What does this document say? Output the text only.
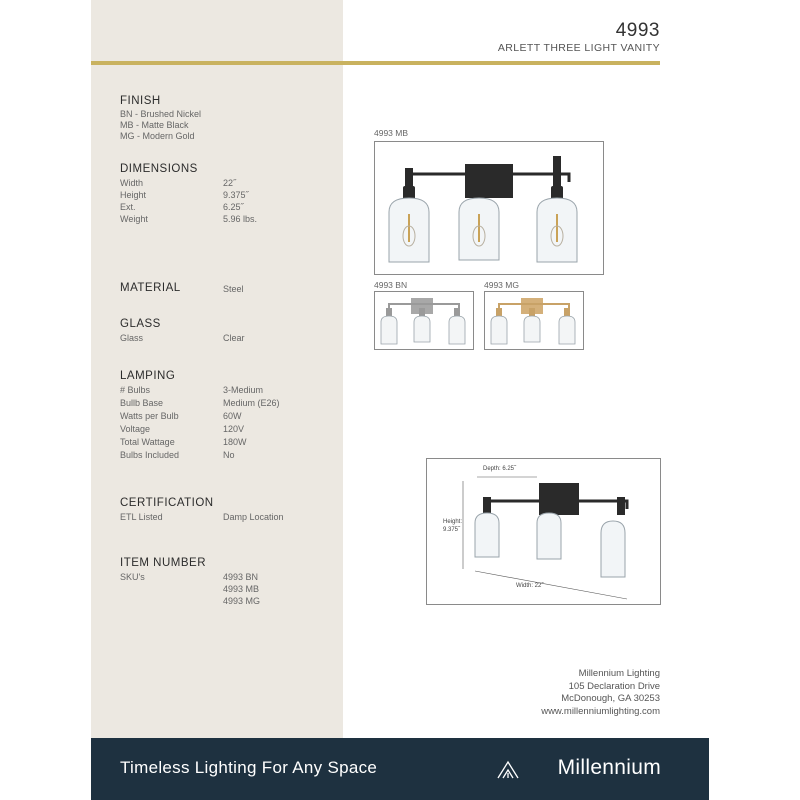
4993
ARLETT THREE LIGHT VANITY
FINISH
BN - Brushed Nickel
MB - Matte Black
MG - Modern Gold
DIMENSIONS
Width	22˝
Height	9.375˝
Ext.	6.25˝
Weight	5.96 lbs.
MATERIAL	Steel
GLASS
Glass	Clear
LAMPING
# Bulbs	3-Medium
Bullb Base	Medium (E26)
Watts per Bulb	60W
Voltage	120V
Total Wattage	180W
Bulbs Included	No
CERTIFICATION
ETL Listed	Damp Location
ITEM NUMBER
SKU's	4993 BN
4993 MB
4993 MG
4993 MB
4993 BN	4993 MG
Depth: 6.25˝
Height:
9.375˝
Width: 22˝
Millennium Lighting
105 Declaration Drive
McDonough, GA 30253
www.millenniumlighting.com
Timeless Lighting For Any Space	Millennium
